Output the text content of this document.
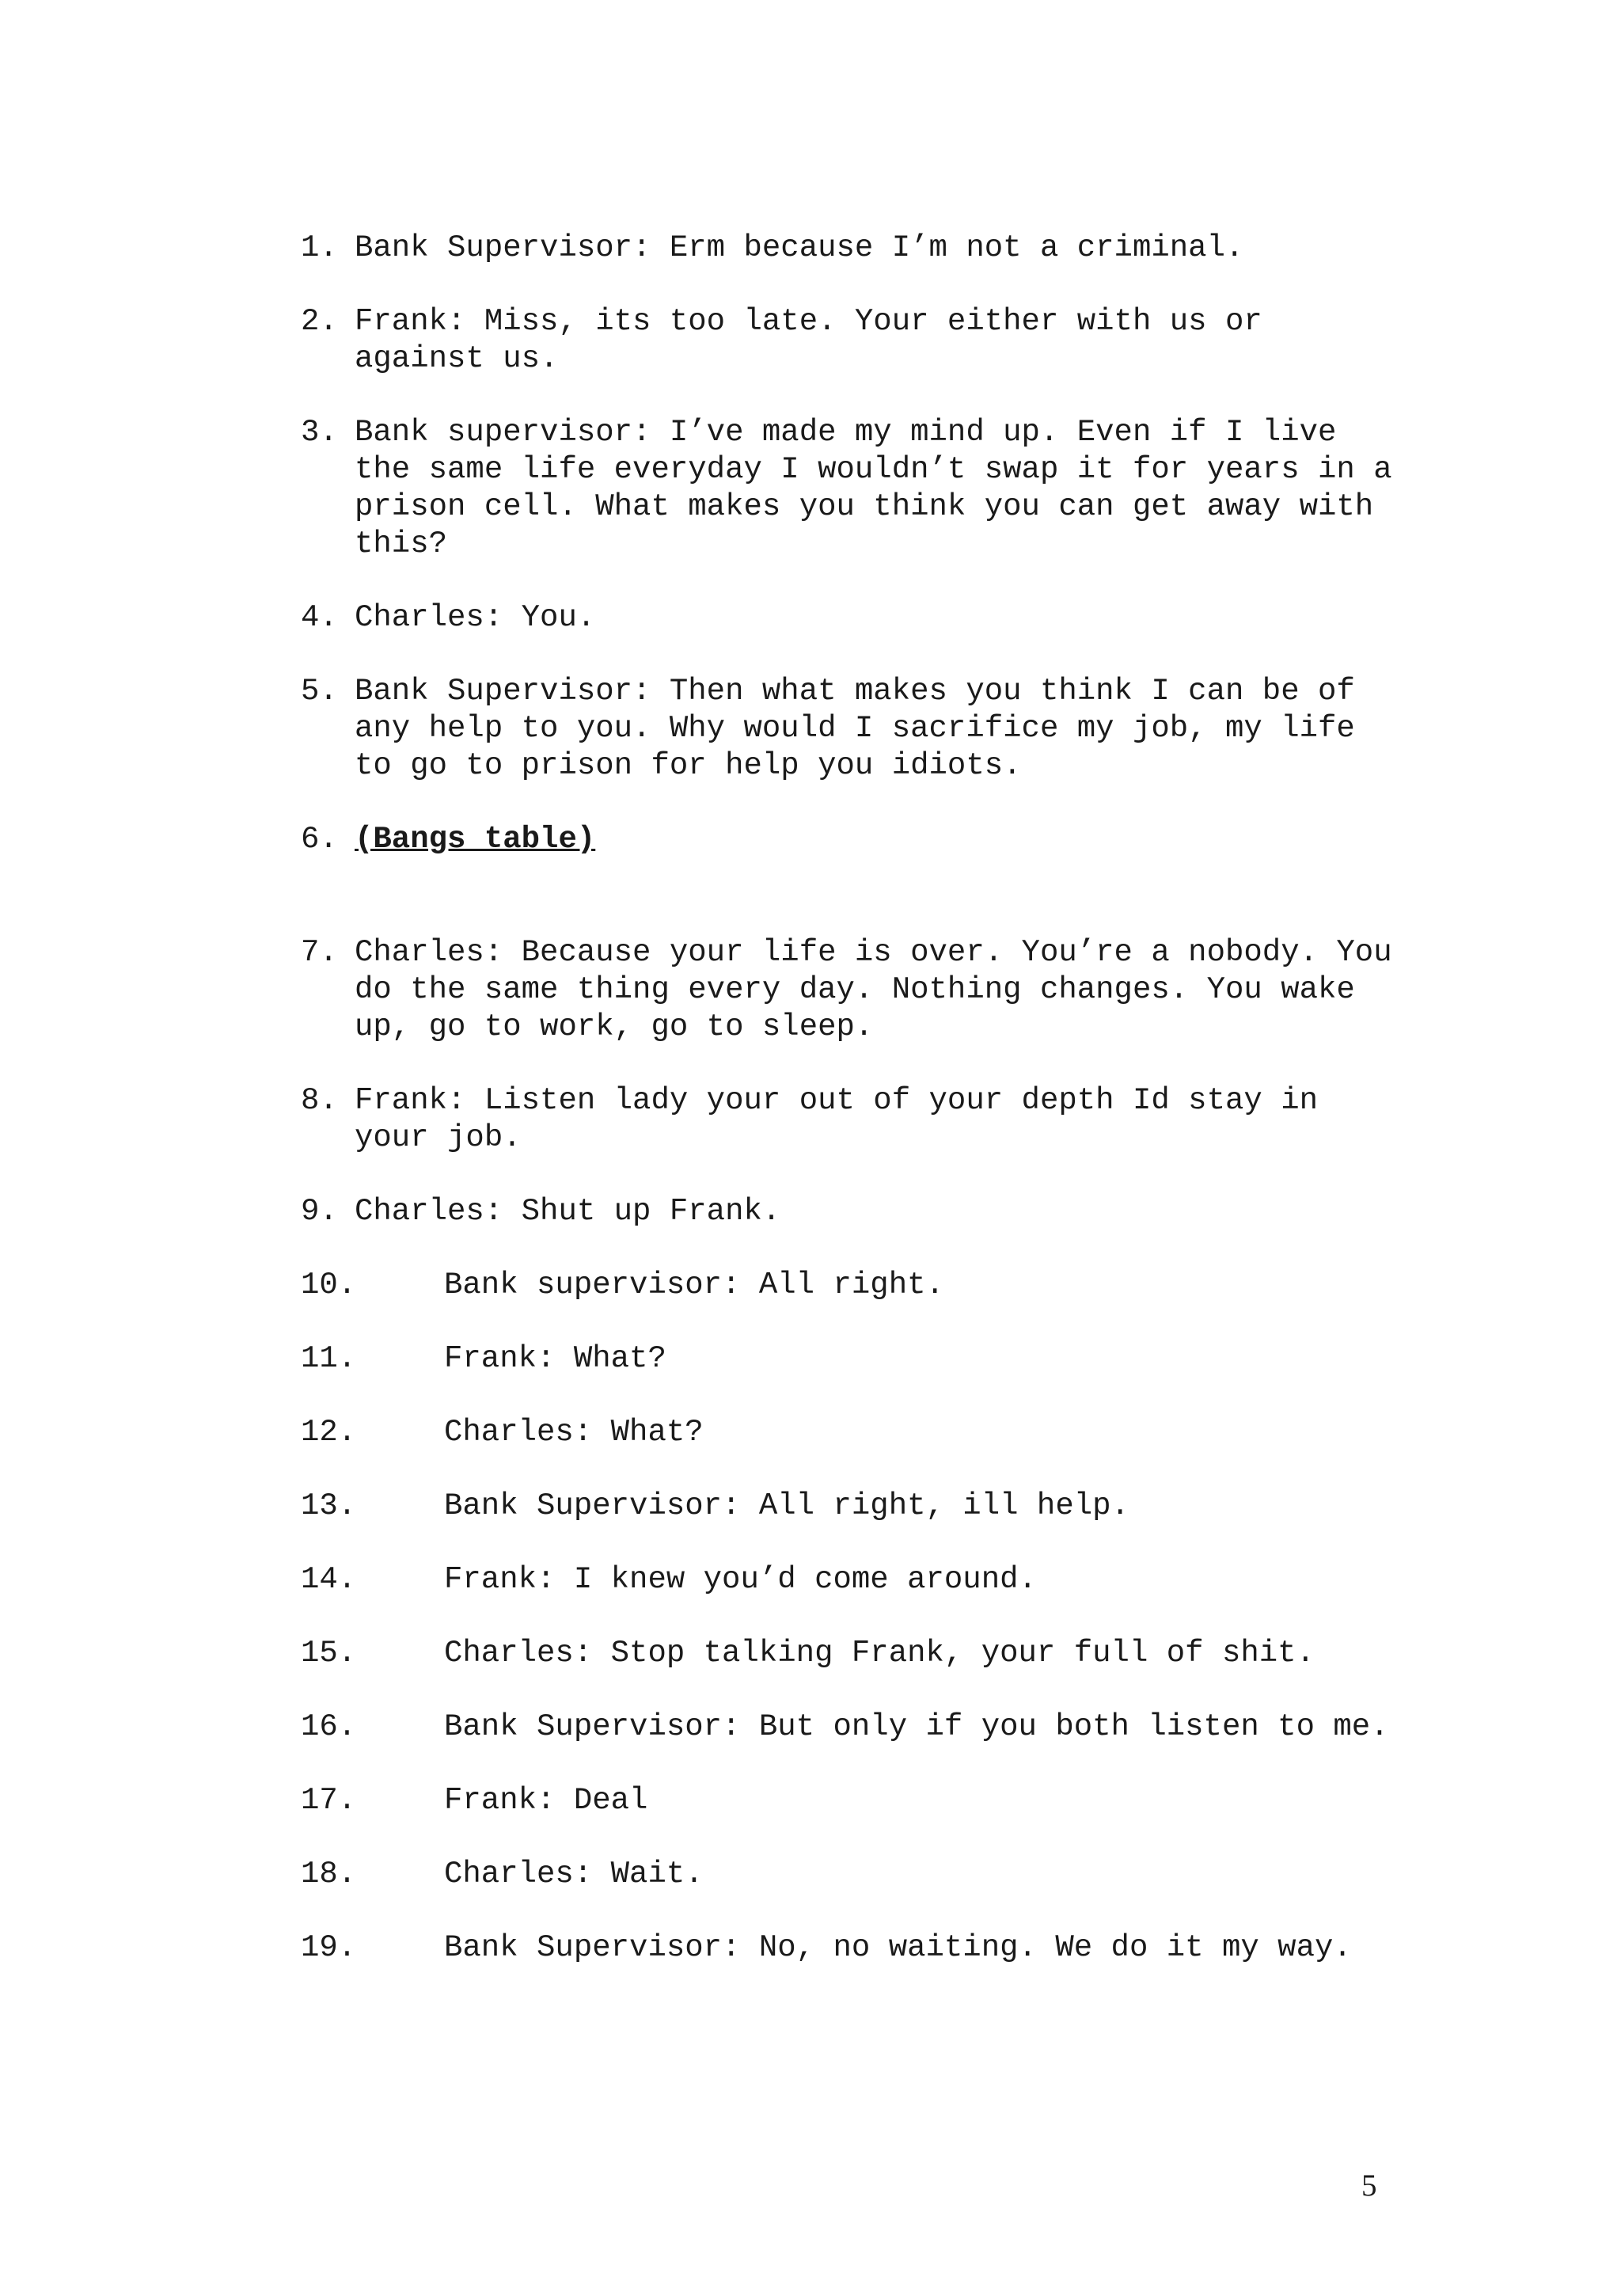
1. Bank Supervisor: Erm because I’m not a criminal.
2. Frank: Miss, its too late. Your either with us or against us.
3. Bank supervisor: I’ve made my mind up. Even if I live the same life everyday I wouldn’t swap it for years in a prison cell. What makes you think you can get away with this?
4. Charles: You.
5. Bank Supervisor: Then what makes you think I can be of any help to you. Why would I sacrifice my job, my life to go to prison for help you idiots.
6. (Bangs table)
7. Charles: Because your life is over. You’re a nobody. You do the same thing every day. Nothing changes. You wake up, go to work, go to sleep.
8. Frank: Listen lady your out of your depth Id stay in your job.
9. Charles: Shut up Frank.
10.	Bank supervisor: All right.
11.	Frank: What?
12.	Charles: What?
13.	Bank Supervisor: All right, ill help.
14.	Frank: I knew you’d come around.
15.	Charles: Stop talking Frank, your full of shit.
16.	Bank Supervisor: But only if you both listen to me.
17.	Frank: Deal
18.	Charles: Wait.
19.	Bank Supervisor: No, no waiting. We do it my way.
5
